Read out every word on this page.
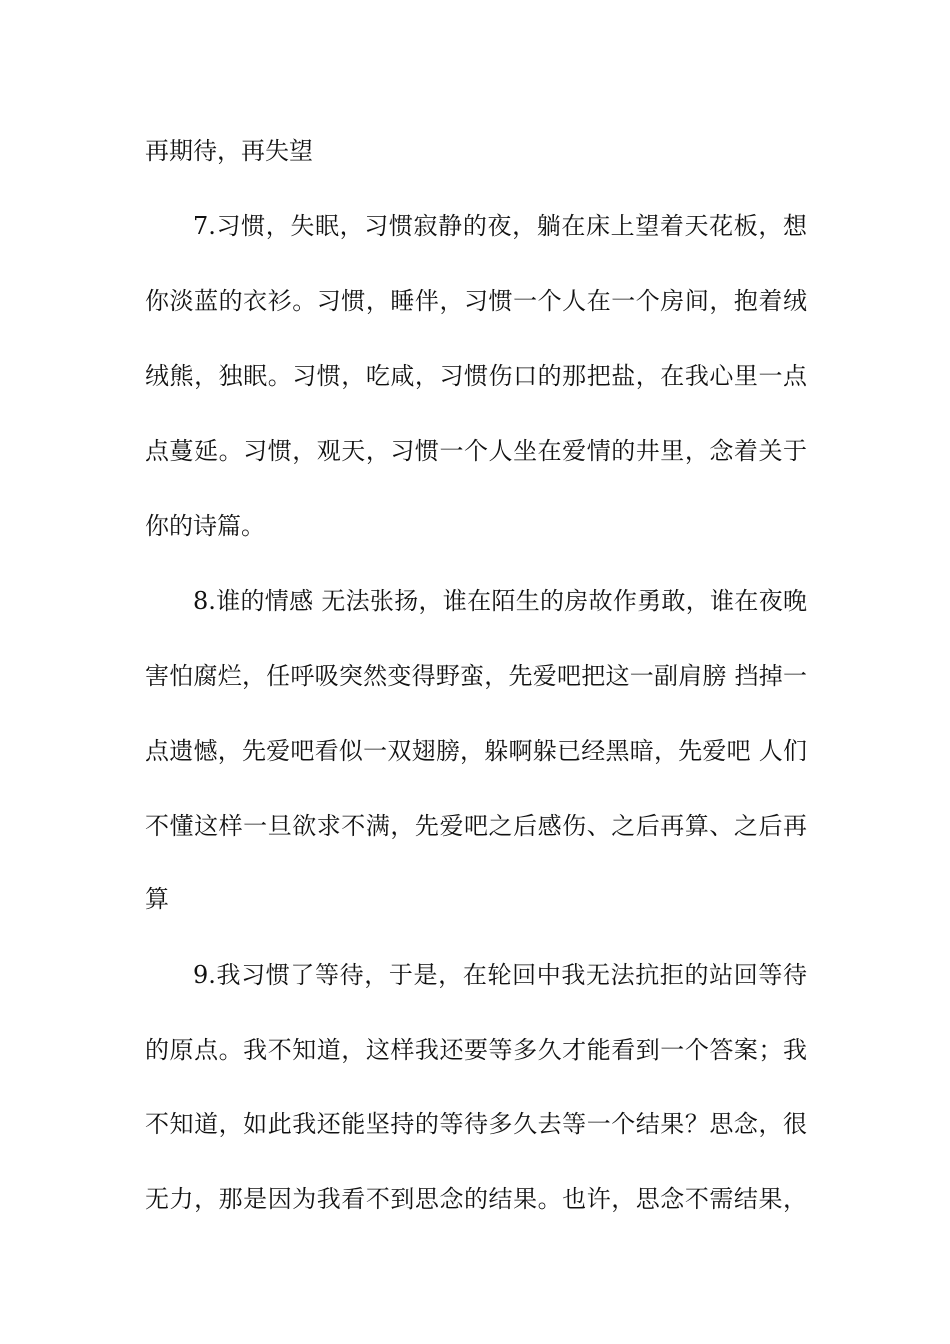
再期待，再失望
7.习惯，失眠，习惯寂静的夜，躺在床上望着天花板，想
你淡蓝的衣衫。习惯，睡伴，习惯一个人在一个房间，抱着绒
绒熊，独眠。习惯，吃咸，习惯伤口的那把盐，在我心里一点
点蔓延。习惯，观天，习惯一个人坐在爱情的井里，念着关于
你的诗篇。
8.谁的情感 无法张扬，谁在陌生的房故作勇敢，谁在夜晚
害怕腐烂，任呼吸突然变得野蛮，先爱吧把这一副肩膀 挡掉一
点遗憾，先爱吧看似一双翅膀，躲啊躲已经黑暗，先爱吧 人们
不懂这样一旦欲求不满，先爱吧之后感伤、之后再算、之后再
算
9.我习惯了等待，于是，在轮回中我无法抗拒的站回等待
的原点。我不知道，这样我还要等多久才能看到一个答案；我
不知道，如此我还能坚持的等待多久去等一个结果？思念，很
无力，那是因为我看不到思念的结果。也许，思念不需结果，
